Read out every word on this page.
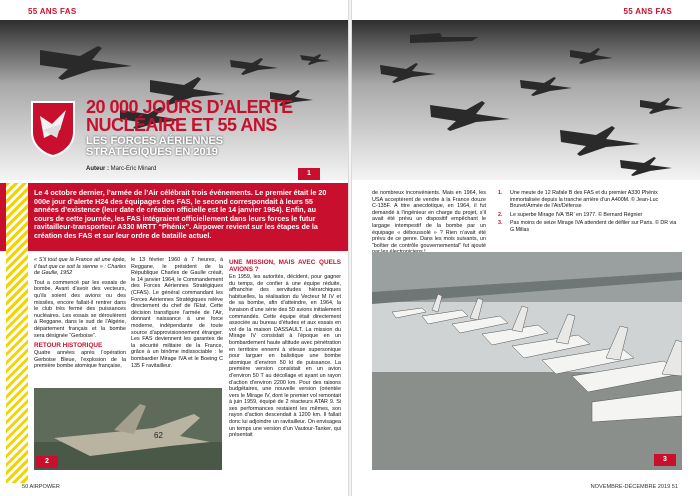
55 ANS FAS	55 ANS FAS
20 000 JOURS D’ALERTE
NUCLÉAIRE ET 55 ANS
LES FORCES AÉRIENNES
STRATÉGIQUES EN 2019
Auteur : Marc-Eric Minard
1

Le 4 octobre dernier, l’armée de l’Air célébrait trois événements. Le premier était le 20 000e jour d’alerte H24 des équipages des FAS, le second correspondait à leurs 55 années d’existence (leur date de création officielle est le 14 janvier 1964). Enfin, au cours de cette journée, les FAS intégraient officiellement dans leurs forces le futur ravitailleur-transporteur A330 MRTT “Phénix”. Airpower revient sur les étapes de la création des FAS et sur leur ordre de bataille actuel.

« S’il tout que la France ait une épée, il faut que ce soit la sienne » : Charles de Gaulle, 1952

Tout a commencé par les essais de bombe. Avant d’avoir des vecteurs, qu’ils soient des avions ou des missiles, encore fallait-il rentrer dans le club très fermé des puissances nucléaires. Les essais se déroulèrent à Reggane, dans le sud de l’Algérie, département français et la bombe sera désignée “Gerboise”.

RETOUR HISTORIQUE

Quatre années après l’opération Gerboise Bleue, l’explosion de la première bombe atomique française,

le 13 février 1960 à 7 heures, à Reggane, le président de la République Charles de Gaulle créait, le 14 janvier 1964, le Commandement des Forces Aériennes Stratégiques (CFAS). Le général commandant les Forces Aériennes Stratégiques relève directement du chef de l’Etat. Cette décision transfigure l’armée de l’Air, donnant naissance à une force moderne, indépendante de toute source d’approvisionnement étranger. Les FAS deviennent les garantes de la sécurité militaire de la France, grâce à un binôme indissociable : le bombardier Mirage IVA et le Boeing C 135 F ravitailleur.

UNE MISSION, MAIS AVEC QUELS AVIONS ?

En 1959, les autorités, décident, pour gagner du temps, de confier à une équipe réduite, affranchie des servitudes hiérarchiques habituelles, la réalisation du Vecteur M IV et de sa bombe, afin d’atteindre, en 1964, la livraison d’une série des 50 avions initialement commandés. Cette équipe était directement associée au bureau d’études et aux essais en vol de la maison DASSAULT. La mission du Mirage IV consistait à l’époque en un bombardement haute altitude avec pénétration en territoire ennemi à vitesse supersonique pour larguer en balistique une bombe atomique d’environ 50 kt de puissance. La première version consistait en un avion d’environ 50 T au décollage et ayant un rayon d’action d’environ 2200 km. Pour des raisons budgétaires, une nouvelle version (orientée vers le Mirage IV, dont le premier vol remontait à juin 1959, équipé de 2 réacteurs ATAR 9. Si ses performances restaient les mêmes, son rayon d’action descendait à 1200 km. Il fallait donc lui adjoindre un ravitailleur. On envisagea un temps une version d’un Vautour-Tanker, qui présentait

62
2

de nombreux inconvénients. Mais en 1964, les USA acceptèrent de vendre à la France douze C-135F. A titre anecdotique, en 1964, il fut demandé à l’ingénieur en charge du projet, s’il avait été prévu un dispositif empêchant le largage intempestif de la bombe par un équipage « déboussolé » ? Rien n’avait été prévu de ce genre. Dans les mois suivants, un “boîtier de contrôle gouvernemental” fut ajouté

1.	Une meute de 12 Rafale B des FAS et du premier A330 Phénix immortalisée depuis la tranche arrière d’un A400M. © Jean-Luc Brunet/Armée de l’Air/Défense
2.	Le superbe Mirage IVA ’BR’ en 1977. © Bernard Régnier
3.	Pas moins de seize Mirage IVA attendent de défiler sur Paris. © DR via G.Millas
3
50 AIRPOWER	NOVEMBRE-DÉCEMBRE 2019 51
